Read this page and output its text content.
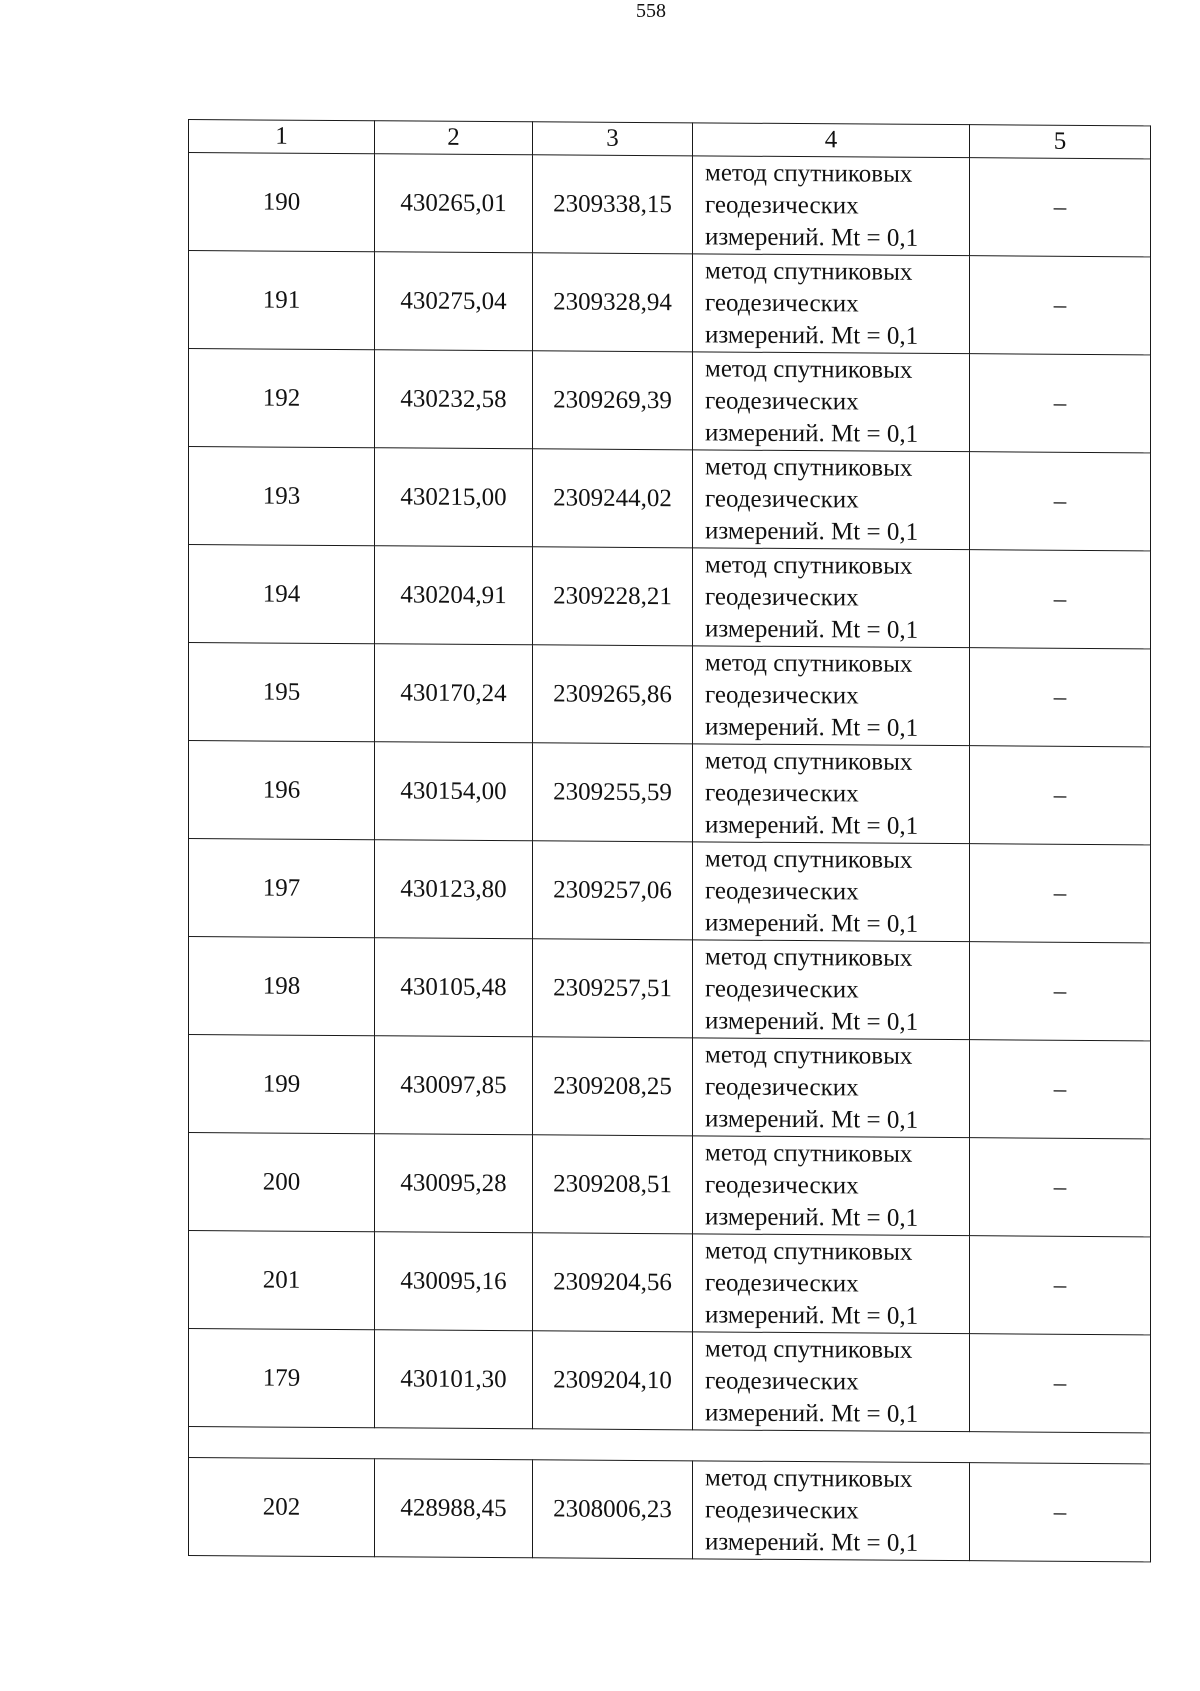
558
1	2	3	4	5
190	430265,01	2309338,15	метод спутниковых
геодезических
измерений. Mt = 0,1	–
191	430275,04	2309328,94	метод спутниковых
геодезических
измерений. Mt = 0,1	–
192	430232,58	2309269,39	метод спутниковых
геодезических
измерений. Mt = 0,1	–
193	430215,00	2309244,02	метод спутниковых
геодезических
измерений. Mt = 0,1	–
194	430204,91	2309228,21	метод спутниковых
геодезических
измерений. Mt = 0,1	–
195	430170,24	2309265,86	метод спутниковых
геодезических
измерений. Mt = 0,1	–
196	430154,00	2309255,59	метод спутниковых
геодезических
измерений. Mt = 0,1	–
197	430123,80	2309257,06	метод спутниковых
геодезических
измерений. Mt = 0,1	–
198	430105,48	2309257,51	метод спутниковых
геодезических
измерений. Mt = 0,1	–
199	430097,85	2309208,25	метод спутниковых
геодезических
измерений. Mt = 0,1	–
200	430095,28	2309208,51	метод спутниковых
геодезических
измерений. Mt = 0,1	–
201	430095,16	2309204,56	метод спутниковых
геодезических
измерений. Mt = 0,1	–
179	430101,30	2309204,10	метод спутниковых
геодезических
измерений. Mt = 0,1	–

202	428988,45	2308006,23	метод спутниковых
геодезических
измерений. Mt = 0,1	–
